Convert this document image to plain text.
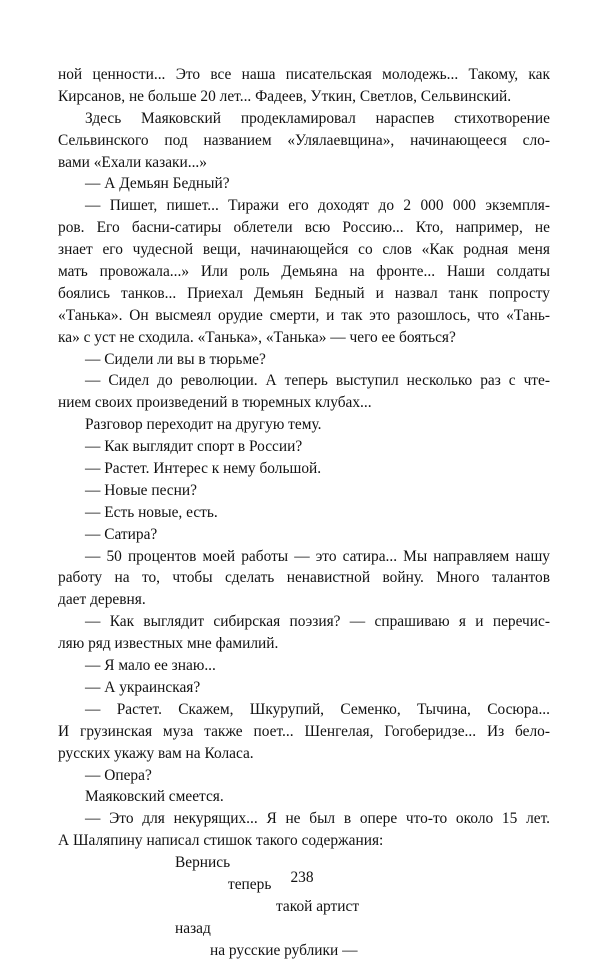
ной ценности... Это все наша писательская молодежь... Такому, как
Кирсанов, не больше 20 лет... Фадеев, Уткин, Светлов, Сельвинский.
Здесь Маяковский продекламировал нараспев стихотворение
Сельвинского под названием «Улялаевщина», начинающееся сло-
вами «Ехали казаки...»
— А Демьян Бедный?
— Пишет, пишет... Тиражи его доходят до 2 000 000 экземпля-
ров. Его басни-сатиры облетели всю Россию... Кто, например, не
знает его чудесной вещи, начинающейся со слов «Как родная меня
мать провожала...» Или роль Демьяна на фронте... Наши солдаты
боялись танков... Приехал Демьян Бедный и назвал танк попросту
«Танька». Он высмеял орудие смерти, и так это разошлось, что «Тань-
ка» с уст не сходила. «Танька», «Танька» — чего ее бояться?
— Сидели ли вы в тюрьме?
— Сидел до революции. А теперь выступил несколько раз с чте-
нием своих произведений в тюремных клубах...
Разговор переходит на другую тему.
— Как выглядит спорт в России?
— Растет. Интерес к нему большой.
— Новые песни?
— Есть новые, есть.
— Сатира?
— 50 процентов моей работы — это сатира... Мы направляем нашу
работу на то, чтобы сделать ненавистной войну. Много талантов
дает деревня.
— Как выглядит сибирская поэзия? — спрашиваю я и перечис-
ляю ряд известных мне фамилий.
— Я мало ее знаю...
— А украинская?
— Растет. Скажем, Шкурупий, Семенко, Тычина, Сосюра...
И грузинская муза также поет... Шенгелая, Гогоберидзе... Из бело-
русских укажу вам на Коласа.
— Опера?
Маяковский смеется.
— Это для некурящих... Я не был в опере что-то около 15 лет.
А Шаляпину написал стишок такого содержания:
Вернись
теперь
такой артист
назад
на русские рублики —
238
